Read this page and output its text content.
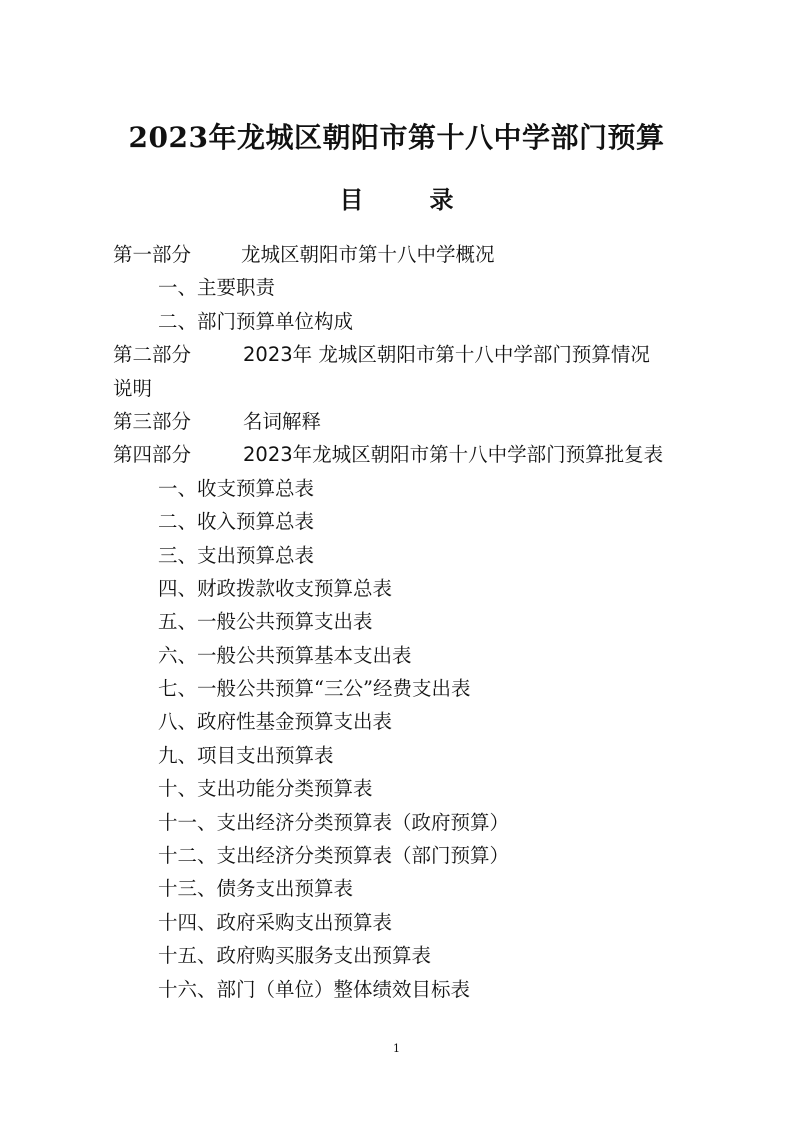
2023年龙城区朝阳市第十八中学部门预算
目	录
第一部分	龙城区朝阳市第十八中学概况
一、主要职责
二、部门预算单位构成
第二部分	2023年 龙城区朝阳市第十八中学部门预算情况
说明
第三部分	名词解释
第四部分	2023年龙城区朝阳市第十八中学部门预算批复表
一、收支预算总表
二、收入预算总表
三、支出预算总表
四、财政拨款收支预算总表
五、一般公共预算支出表
六、一般公共预算基本支出表
七、一般公共预算“三公”经费支出表
八、政府性基金预算支出表
九、项目支出预算表
十、支出功能分类预算表
十一、支出经济分类预算表（政府预算）
十二、支出经济分类预算表（部门预算）
十三、债务支出预算表
十四、政府采购支出预算表
十五、政府购买服务支出预算表
十六、部门（单位）整体绩效目标表
1
